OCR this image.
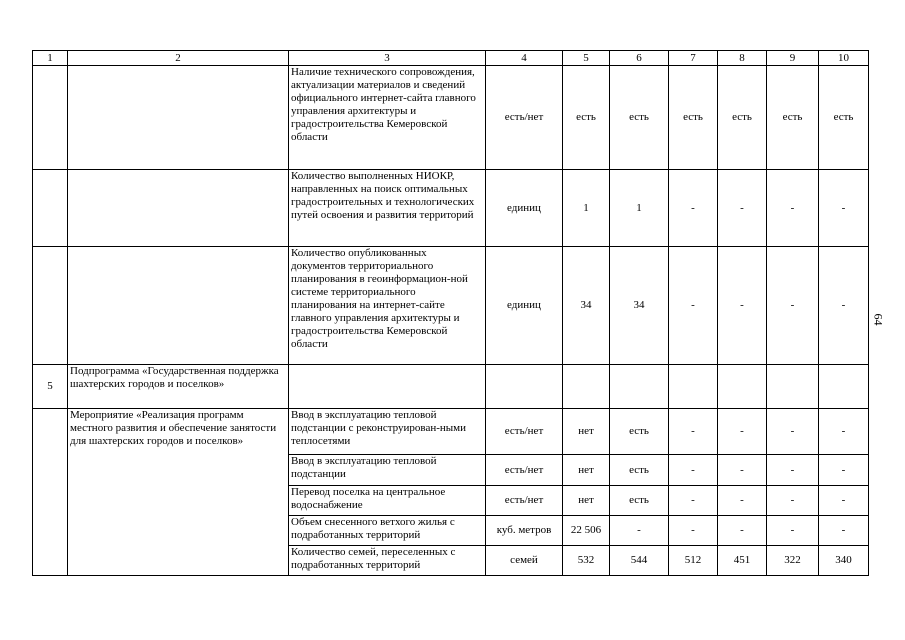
1	2	3	4	5	6	7	8	9	10
		Наличие технического сопровождения, актуализации материалов и сведений официального интернет-сайта главного управления архитектуры и градостроительства Кемеровской области	есть/нет	есть	есть	есть	есть	есть	есть
		Количество выполненных НИОКР, направленных на поиск оптимальных градостроительных и технологических путей освоения и развития территорий	единиц	1	1	-	-	-	-
		Количество опубликованных документов территориального планирования в геоинформацион-ной системе территориального планирования на интернет-сайте главного управления архитектуры и градостроительства Кемеровской области	единиц	34	34	-	-	-	-
5	Подпрограмма «Государственная поддержка шахтерских городов и поселков»								
	Мероприятие «Реализация программ местного развития и обеспечение занятости для шахтерских городов и поселков»	Ввод в эксплуатацию тепловой подстанции с реконструирован-ными теплосетями	есть/нет	нет	есть	-	-	-	-
		Ввод в эксплуатацию тепловой подстанции	есть/нет	нет	есть	-	-	-	-
		Перевод поселка на центральное водоснабжение	есть/нет	нет	есть	-	-	-	-
		Объем снесенного ветхого жилья с подработанных территорий	куб. метров	22 506	-	-	-	-	-
		Количество семей, переселенных с подработанных территорий	семей	532	544	512	451	322	340
64
